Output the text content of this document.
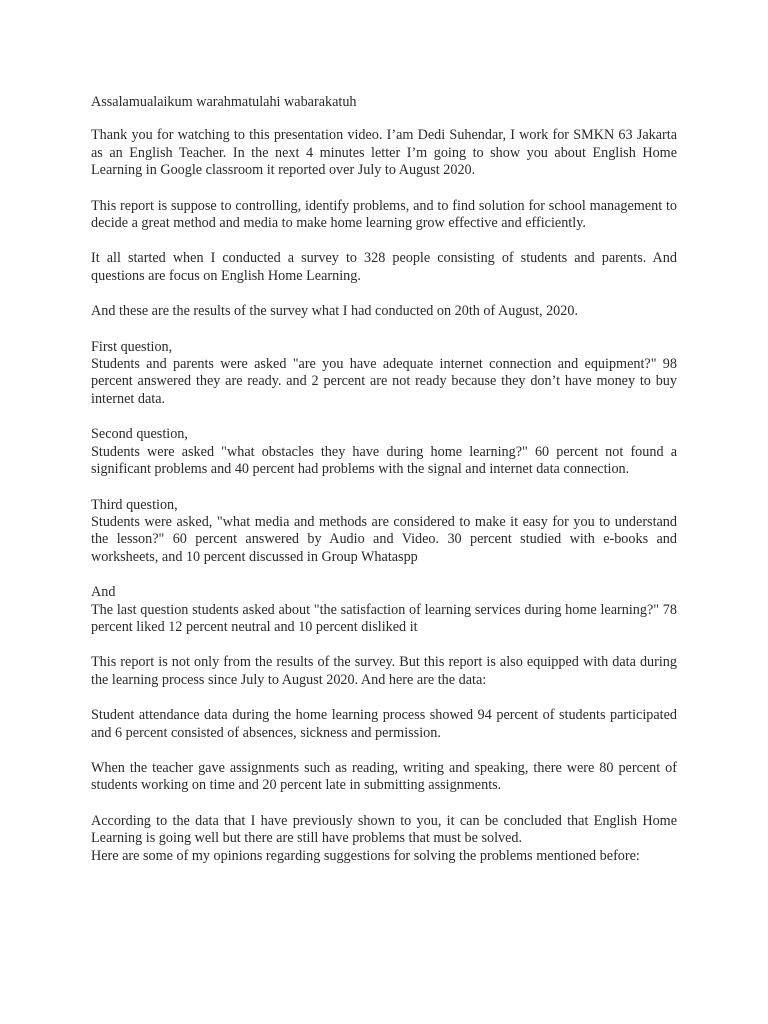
Assalamualaikum warahmatulahi wabarakatuh

Thank you for watching to this presentation video. I’am Dedi Suhendar, I work for SMKN 63 Jakarta as an English Teacher. In the next 4 minutes letter I’m going to show you about English Home Learning in Google classroom it reported over July to August 2020.

This report is suppose to controlling, identify problems, and to find solution for school management to decide a great method and media to make home learning grow effective and efficiently.

It all started when I conducted a survey to 328 people consisting of students and parents. And questions are focus on English Home Learning.

And these are the results of the survey what I had conducted on 20th of August, 2020.

First question,
Students and parents were asked "are you have adequate internet connection and equipment?" 98 percent answered they are ready. and 2 percent are not ready because they don’t have money to buy internet data.
Second question,
Students were asked "what obstacles they have during home learning?" 60 percent not found a significant problems and 40 percent had problems with the signal and internet data connection.
Third question,
Students were asked, "what media and methods are considered to make it easy for you to understand the lesson?" 60 percent answered by Audio and Video. 30 percent studied with e-books and worksheets, and 10 percent discussed in Group Whataspp
And
The last question students asked about "the satisfaction of learning services during home learning?" 78 percent liked 12 percent neutral and 10 percent disliked it

This report is not only from the results of the survey. But this report is also equipped with data during the learning process since July to August 2020. And here are the data:

Student attendance data during the home learning process showed 94 percent of students participated and 6 percent consisted of absences, sickness and permission.

When the teacher gave assignments such as reading, writing and speaking, there were 80 percent of students working on time and 20 percent late in submitting assignments.

According to the data that I have previously shown to you, it can be concluded that English Home Learning is going well but there are still have problems that must be solved.
Here are some of my opinions regarding suggestions for solving the problems mentioned before:
